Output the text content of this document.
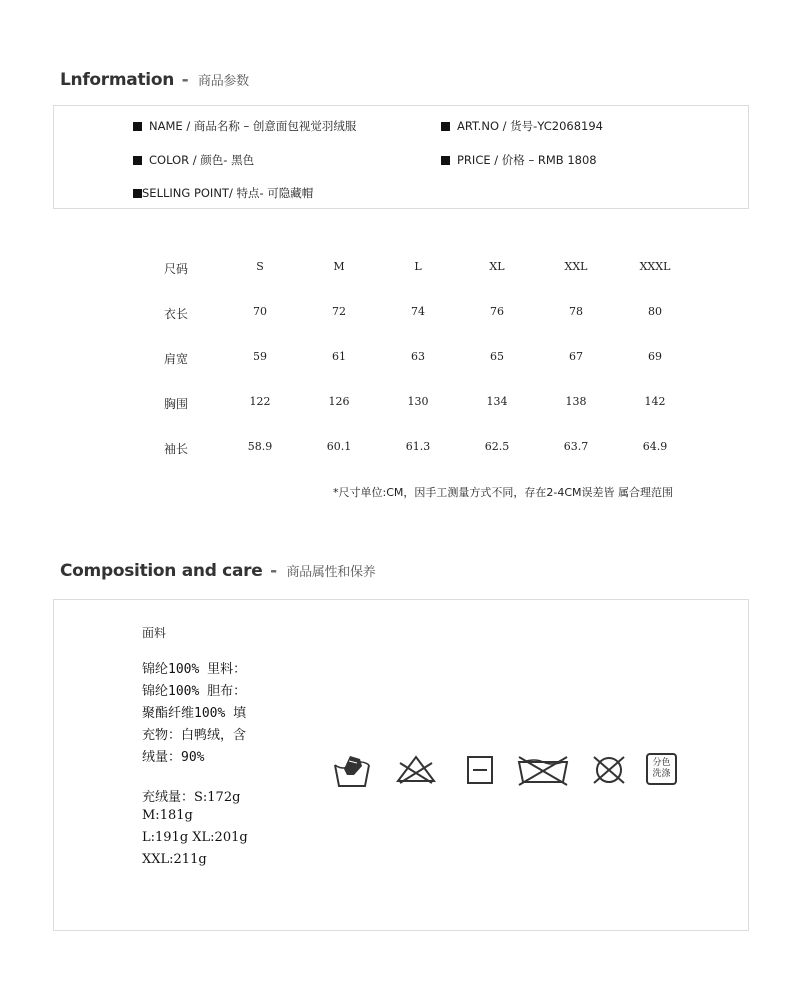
Lnformation - 商品参数
NAME / 商品名称 – 创意面包视觉羽绒服	ART.NO / 货号-YC2068194
COLOR / 颜色- 黑色	PRICE / 价格 – RMB 1808
SELLING POINT/ 特点- 可隐藏帽
尺码	S	M	L	XL	XXL	XXXL
衣长	70	72	74	76	78	80
肩宽	59	61	63	65	67	69
胸围	122	126	130	134	138	142
袖长	58.9	60.1	61.3	62.5	63.7	64.9
*尺寸单位:CM，因手工测量方式不同，存在2-4CM误差皆 属合理范围
Composition and care - 商品属性和保养
面料
锦纶100% 里料：
锦纶100% 胆布：
聚酯纤维100% 填
充物：白鸭绒，含
绒量：90%
充绒量：S:172g
M:181g
L:191g XL:201g
XXL:211g
分色
洗涤
